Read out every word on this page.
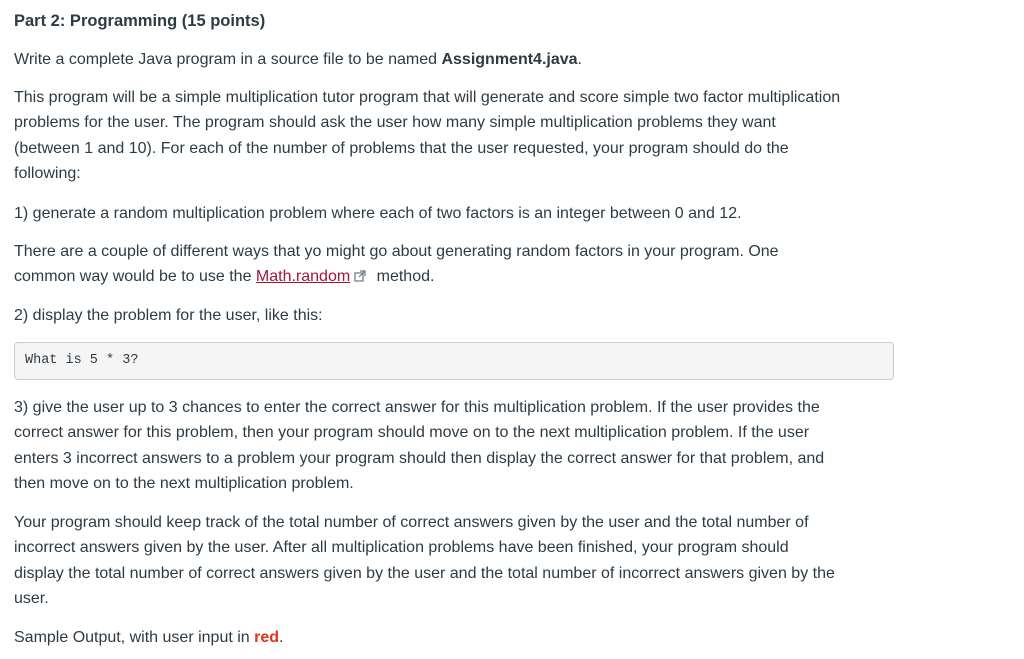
Part 2: Programming (15 points)

Write a complete Java program in a source file to be named Assignment4.java.

This program will be a simple multiplication tutor program that will generate and score simple two factor multiplication
problems for the user. The program should ask the user how many simple multiplication problems they want
(between 1 and 10). For each of the number of problems that the user requested, your program should do the
following:

1) generate a random multiplication problem where each of two factors is an integer between 0 and 12.

There are a couple of different ways that yo might go about generating random factors in your program. One
common way would be to use the Math.random method.

2) display the problem for the user, like this:

What is 5 * 3?

3) give the user up to 3 chances to enter the correct answer for this multiplication problem. If the user provides the
correct answer for this problem, then your program should move on to the next multiplication problem. If the user
enters 3 incorrect answers to a problem your program should then display the correct answer for that problem, and
then move on to the next multiplication problem.

Your program should keep track of the total number of correct answers given by the user and the total number of
incorrect answers given by the user. After all multiplication problems have been finished, your program should
display the total number of correct answers given by the user and the total number of incorrect answers given by the
user.

Sample Output, with user input in red.
